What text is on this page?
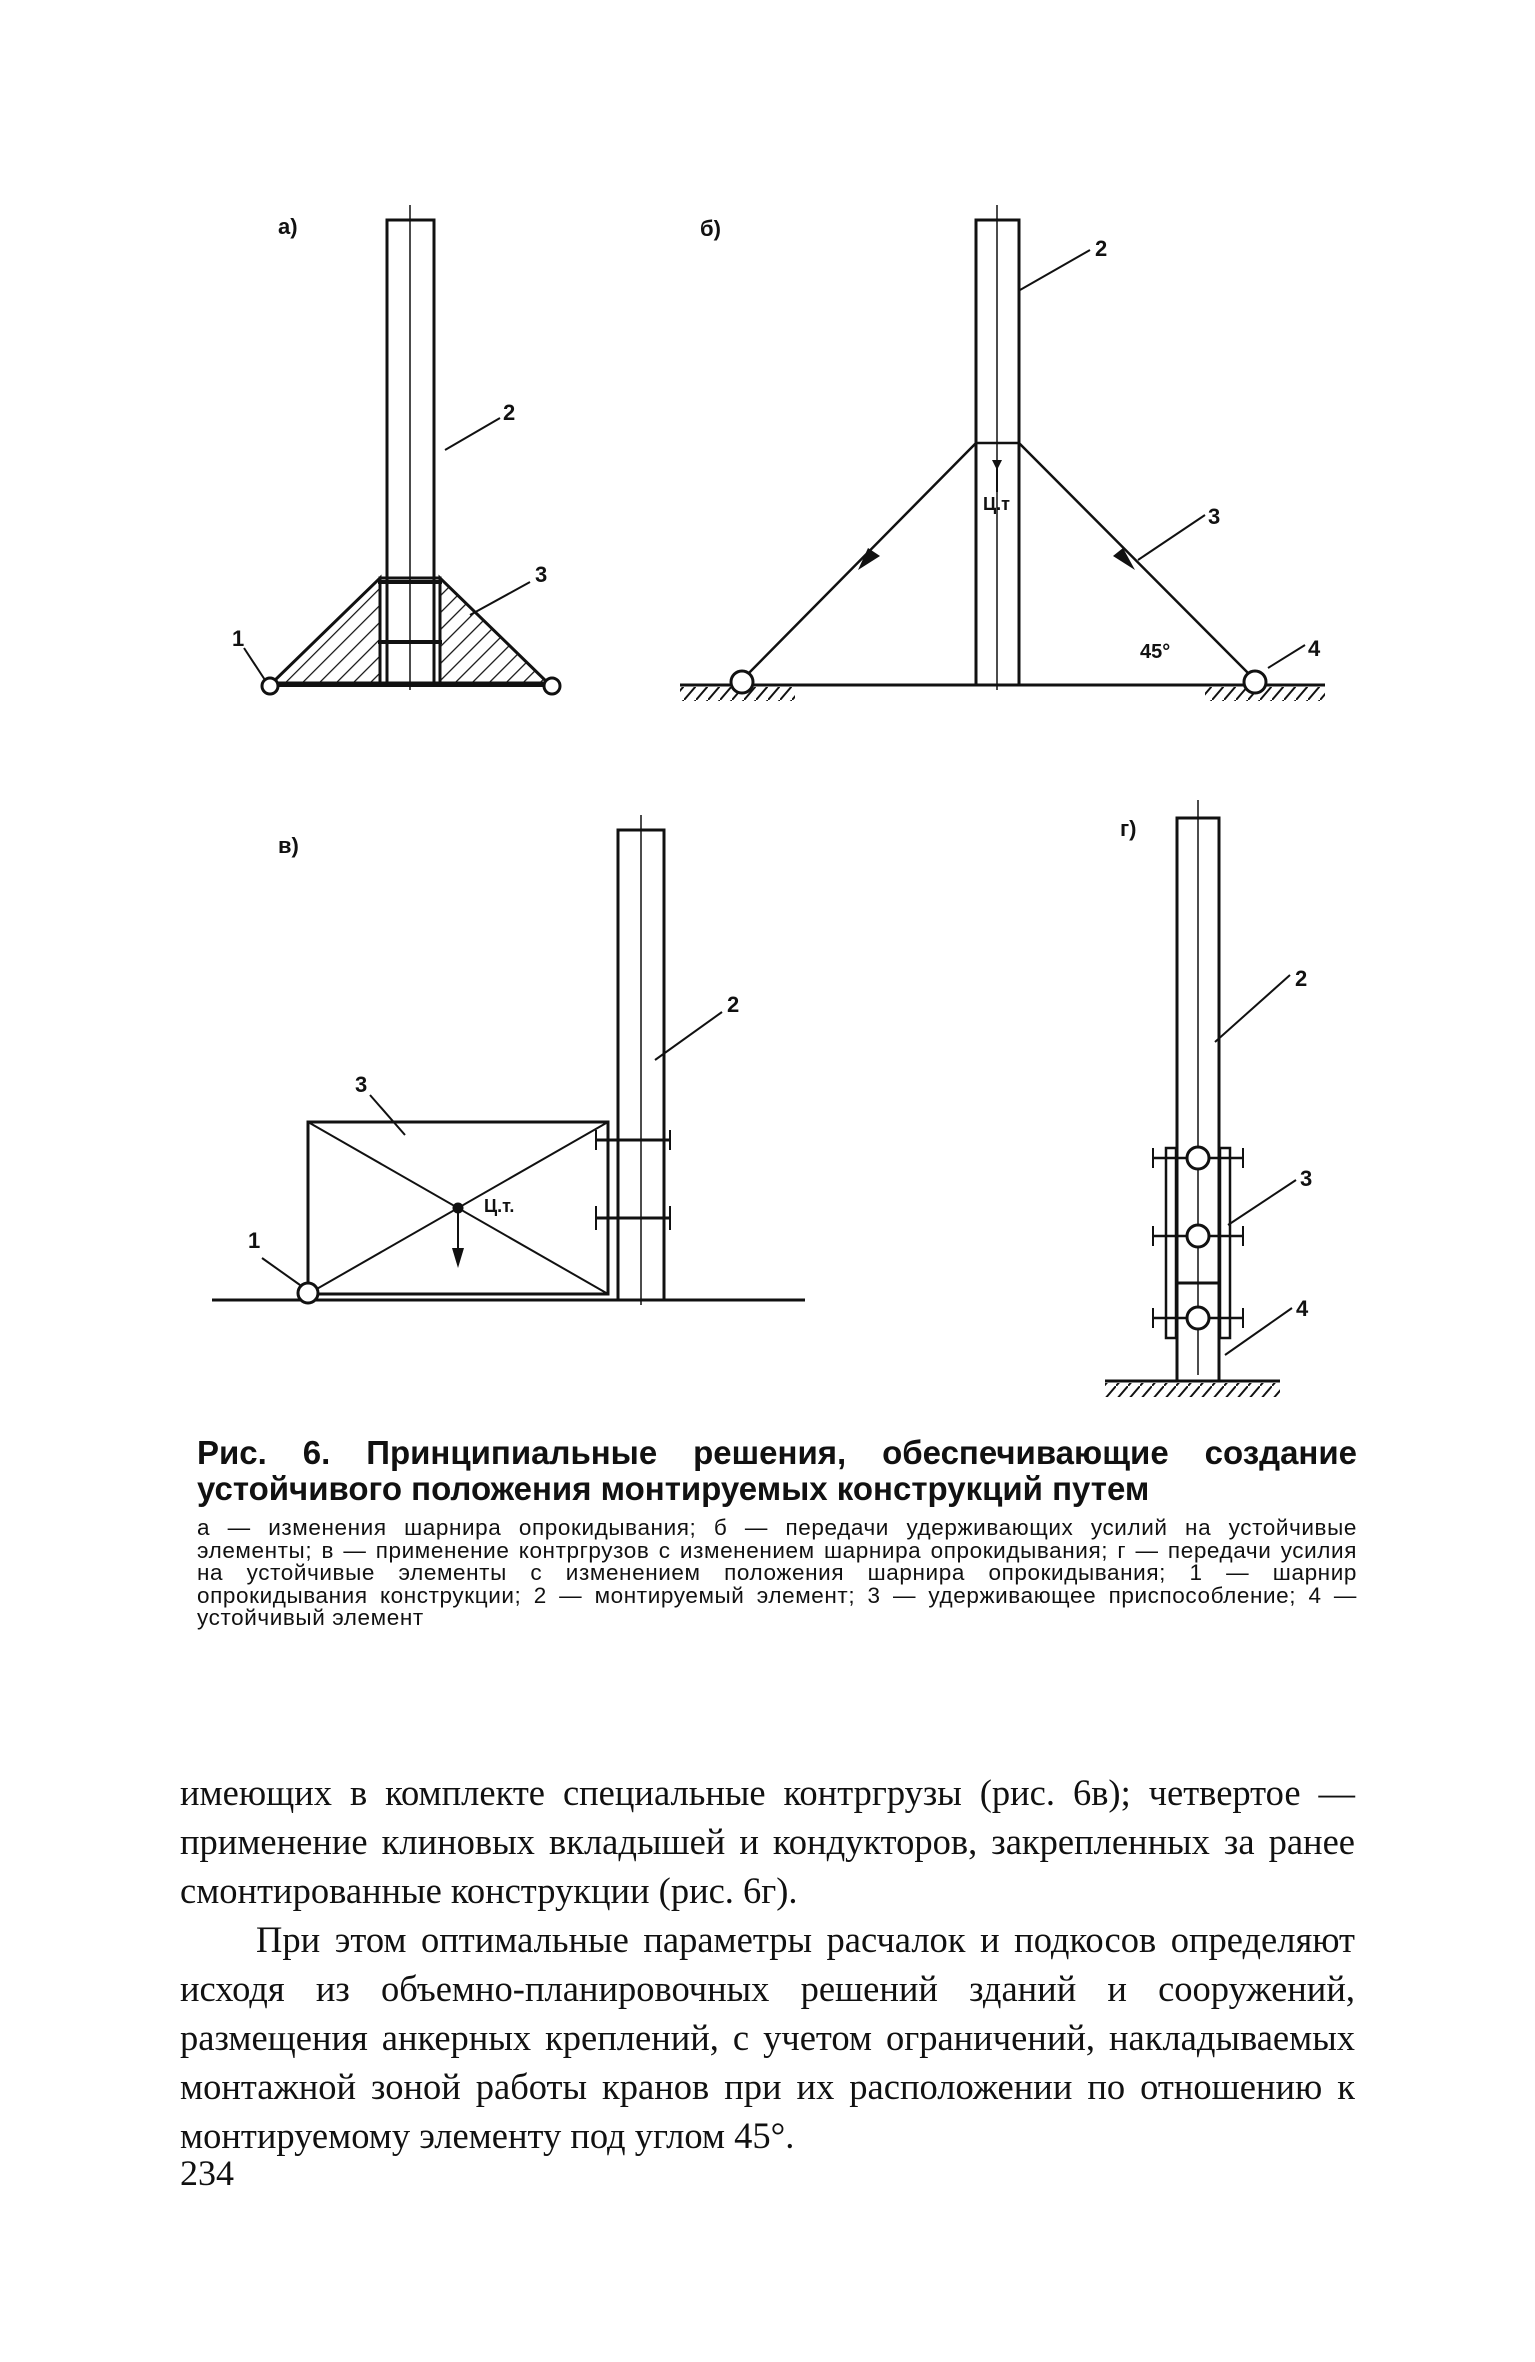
а)
2
3
1
б)
Ц.т
2
3
4
45°
в)
Ц.т.
2
3
1
г)
2
3
4

Рис. 6. Принципиальные решения, обеспечивающие создание устойчивого положения монтируемых конструкций путем

а — изменения шарнира опрокидывания; б — передачи удерживающих усилий на устойчивые элементы; в — применение контргрузов с изменением шарнира опрокидывания; г — передачи усилия на устойчивые элементы с изменением положения шарнира опрокидывания; 1 — шарнир опрокидывания конструкции; 2 — монтируемый элемент; 3 — удерживающее приспособление; 4 — устойчивый элемент

имеющих в комплекте специальные контргрузы (рис. 6в); четвертое — применение клиновых вкладышей и кондукторов, закрепленных за ранее смонтированные конструкции (рис. 6г).

При этом оптимальные параметры расчалок и подкосов определяют исходя из объемно-планировочных решений зданий и сооружений, размещения анкерных креплений, с учетом ограничений, накладываемых монтажной зоной работы кранов при их расположении по отношению к монтируемому элементу под углом 45°.

234
